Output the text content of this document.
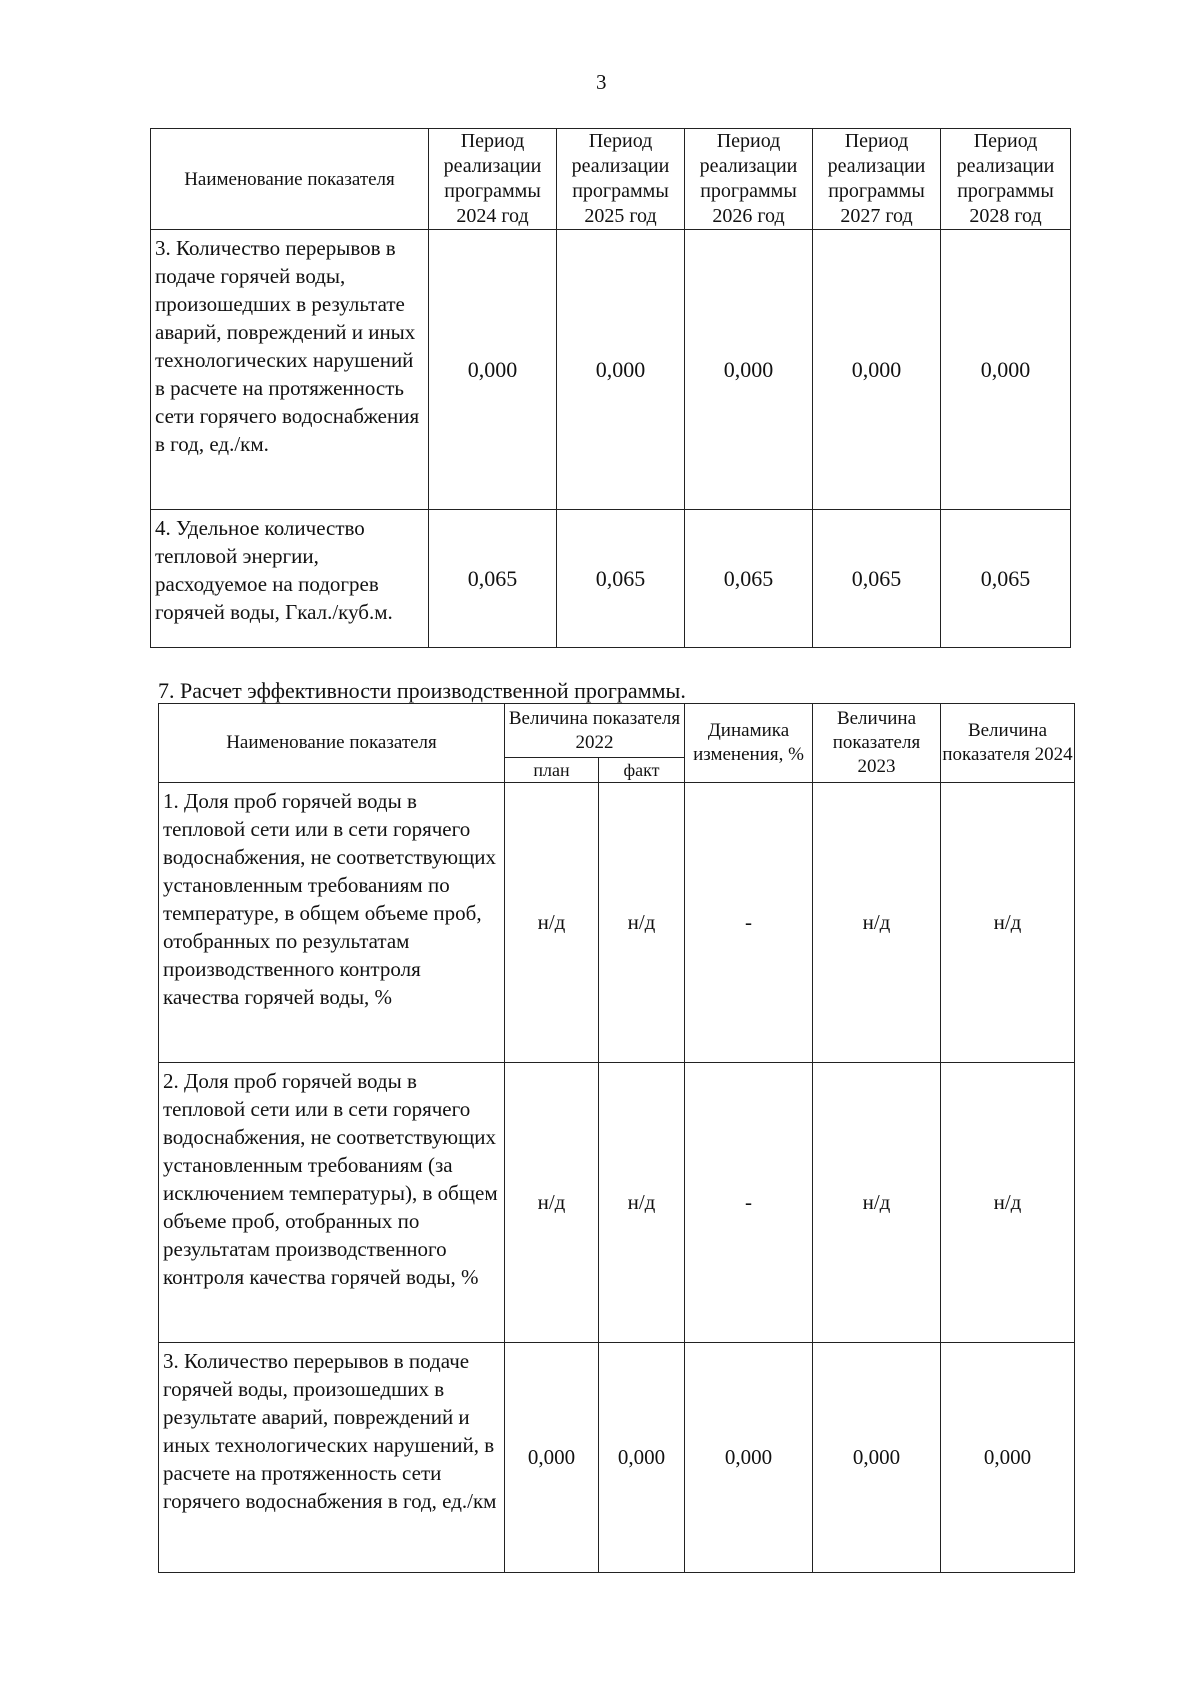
3
Наименование показателя	Период реализации программы 2024 год	Период реализации программы 2025 год	Период реализации программы 2026 год	Период реализации программы 2027 год	Период реализации программы 2028 год
3. Количество перерывов в подаче горячей воды, произошедших в результате аварий, повреждений и иных технологических нарушений в расчете на протяженность сети горячего водоснабжения в год, ед./км.	0,000	0,000	0,000	0,000	0,000
4. Удельное количество тепловой энергии, расходуемое на подогрев горячей воды, Гкал./куб.м.	0,065	0,065	0,065	0,065	0,065
7. Расчет эффективности производственной программы.
Наименование показателя	Величина показателя 2022		Динамика изменения, %	Величина показателя 2023	Величина показателя 2024
	план	факт			
1. Доля проб горячей воды в тепловой сети или в сети горячего водоснабжения, не соответствующих установленным требованиям по температуре, в общем объеме проб, отобранных по результатам производственного контроля качества горячей воды, %	н/д	н/д	-	н/д	н/д
2. Доля проб горячей воды в тепловой сети или в сети горячего водоснабжения, не соответствующих установленным требованиям (за исключением температуры), в общем объеме проб, отобранных по результатам производственного контроля качества горячей воды, %	н/д	н/д	-	н/д	н/д
3. Количество перерывов в подаче горячей воды, произошедших в результате аварий, повреждений и иных технологических нарушений, в расчете на протяженность сети горячего водоснабжения в год, ед./км	0,000	0,000	0,000	0,000	0,000
